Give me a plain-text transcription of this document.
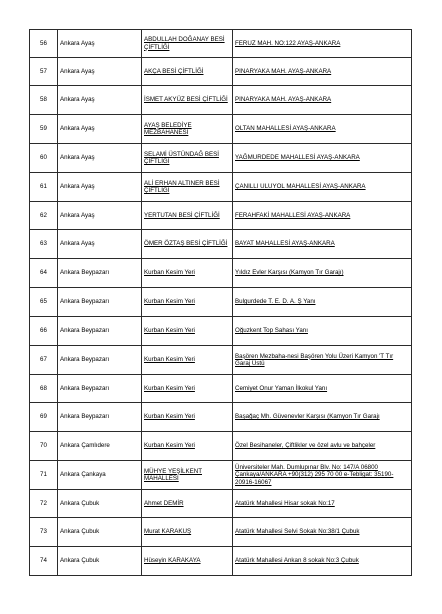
56	Ankara Ayaş	ABDULLAH DOĞANAY BESİ ÇİFTLİĞİ	FERUZ MAH. NO:122 AYAŞ-ANKARA
57	Ankara Ayaş	AKÇA BESİ ÇİFTLİĞİ	PINARYAKA MAH. AYAŞ-ANKARA
58	Ankara Ayaş	İSMET AKYÜZ BESİ ÇİFTLİĞİ	PINARYAKA MAH. AYAŞ-ANKARA
59	Ankara Ayaş	AYAŞ BELEDİYE MEZBAHANESİ	OLTAN MAHALLESİ AYAŞ-ANKARA
60	Ankara Ayaş	SELAMİ ÜSTÜNDAĞ BESİ ÇİFTLİĞİ	YAĞMURDEDE MAHALLESİ AYAŞ-ANKARA
61	Ankara Ayaş	ALİ ERHAN ALTINER BESİ ÇİFTLİĞİ	ÇANILLI ULUYOL MAHALLESİ AYAŞ-ANKARA
62	Ankara Ayaş	YERTUTAN BESİ ÇİFTLİĞİ	FERAHFAKİ MAHALLESİ AYAŞ-ANKARA
63	Ankara Ayaş	ÖMER ÖZTAŞ BESİ ÇİFTLİĞİ	BAYAT MAHALLESİ AYAŞ-ANKARA
64	Ankara Beypazarı	Kurban Kesim Yeri	Yıldız Evler Karşısı (Kamyon Tır Garajı)
65	Ankara Beypazarı	Kurban Kesim Yeri	Bulgurdede T. E. D. A. Ş Yanı
66	Ankara Beypazarı	Kurban Kesim Yeri	Oğuzkent Top Sahası Yanı
67	Ankara Beypazarı	Kurban Kesim Yeri	Başören Mezbaha-nesi Başören Yolu Üzeri Kamyon 'T Tır Garaj Üstü
68	Ankara Beypazarı	Kurban Kesim Yeri	Cemiyet Onur Yaman İlkokul Yanı
69	Ankara Beypazarı	Kurban Kesim Yeri	Başağaç Mh. Güvenevler Karşısı (Kamyon Tır Garajı
70	Ankara Çamlıdere	Kurban Kesim Yeri	Özel Besihaneler, Çiftlikler ve özel avlu ve bahçeler
71	Ankara Çankaya	MÜHYE YEŞİLKENT MAHALLESİ	Üniversiteler Mah. Dumlupınar Blv. No: 147/A 06800 Çankaya/ANKARA +90(312) 295 70 00 e-Tebligat: 35190-20916-16067
72	Ankara Çubuk	Ahmet DEMİR	Atatürk Mahallesi Hisar sokak No:17
73	Ankara Çubuk	Murat KARAKUŞ	Atatürk Mahallesi Selvi Sokak No:38/1 Çubuk
74	Ankara Çubuk	Hüseyin KARAKAYA	Atatürk Mahallesi Ankan 8 sokak No:3 Çubuk
